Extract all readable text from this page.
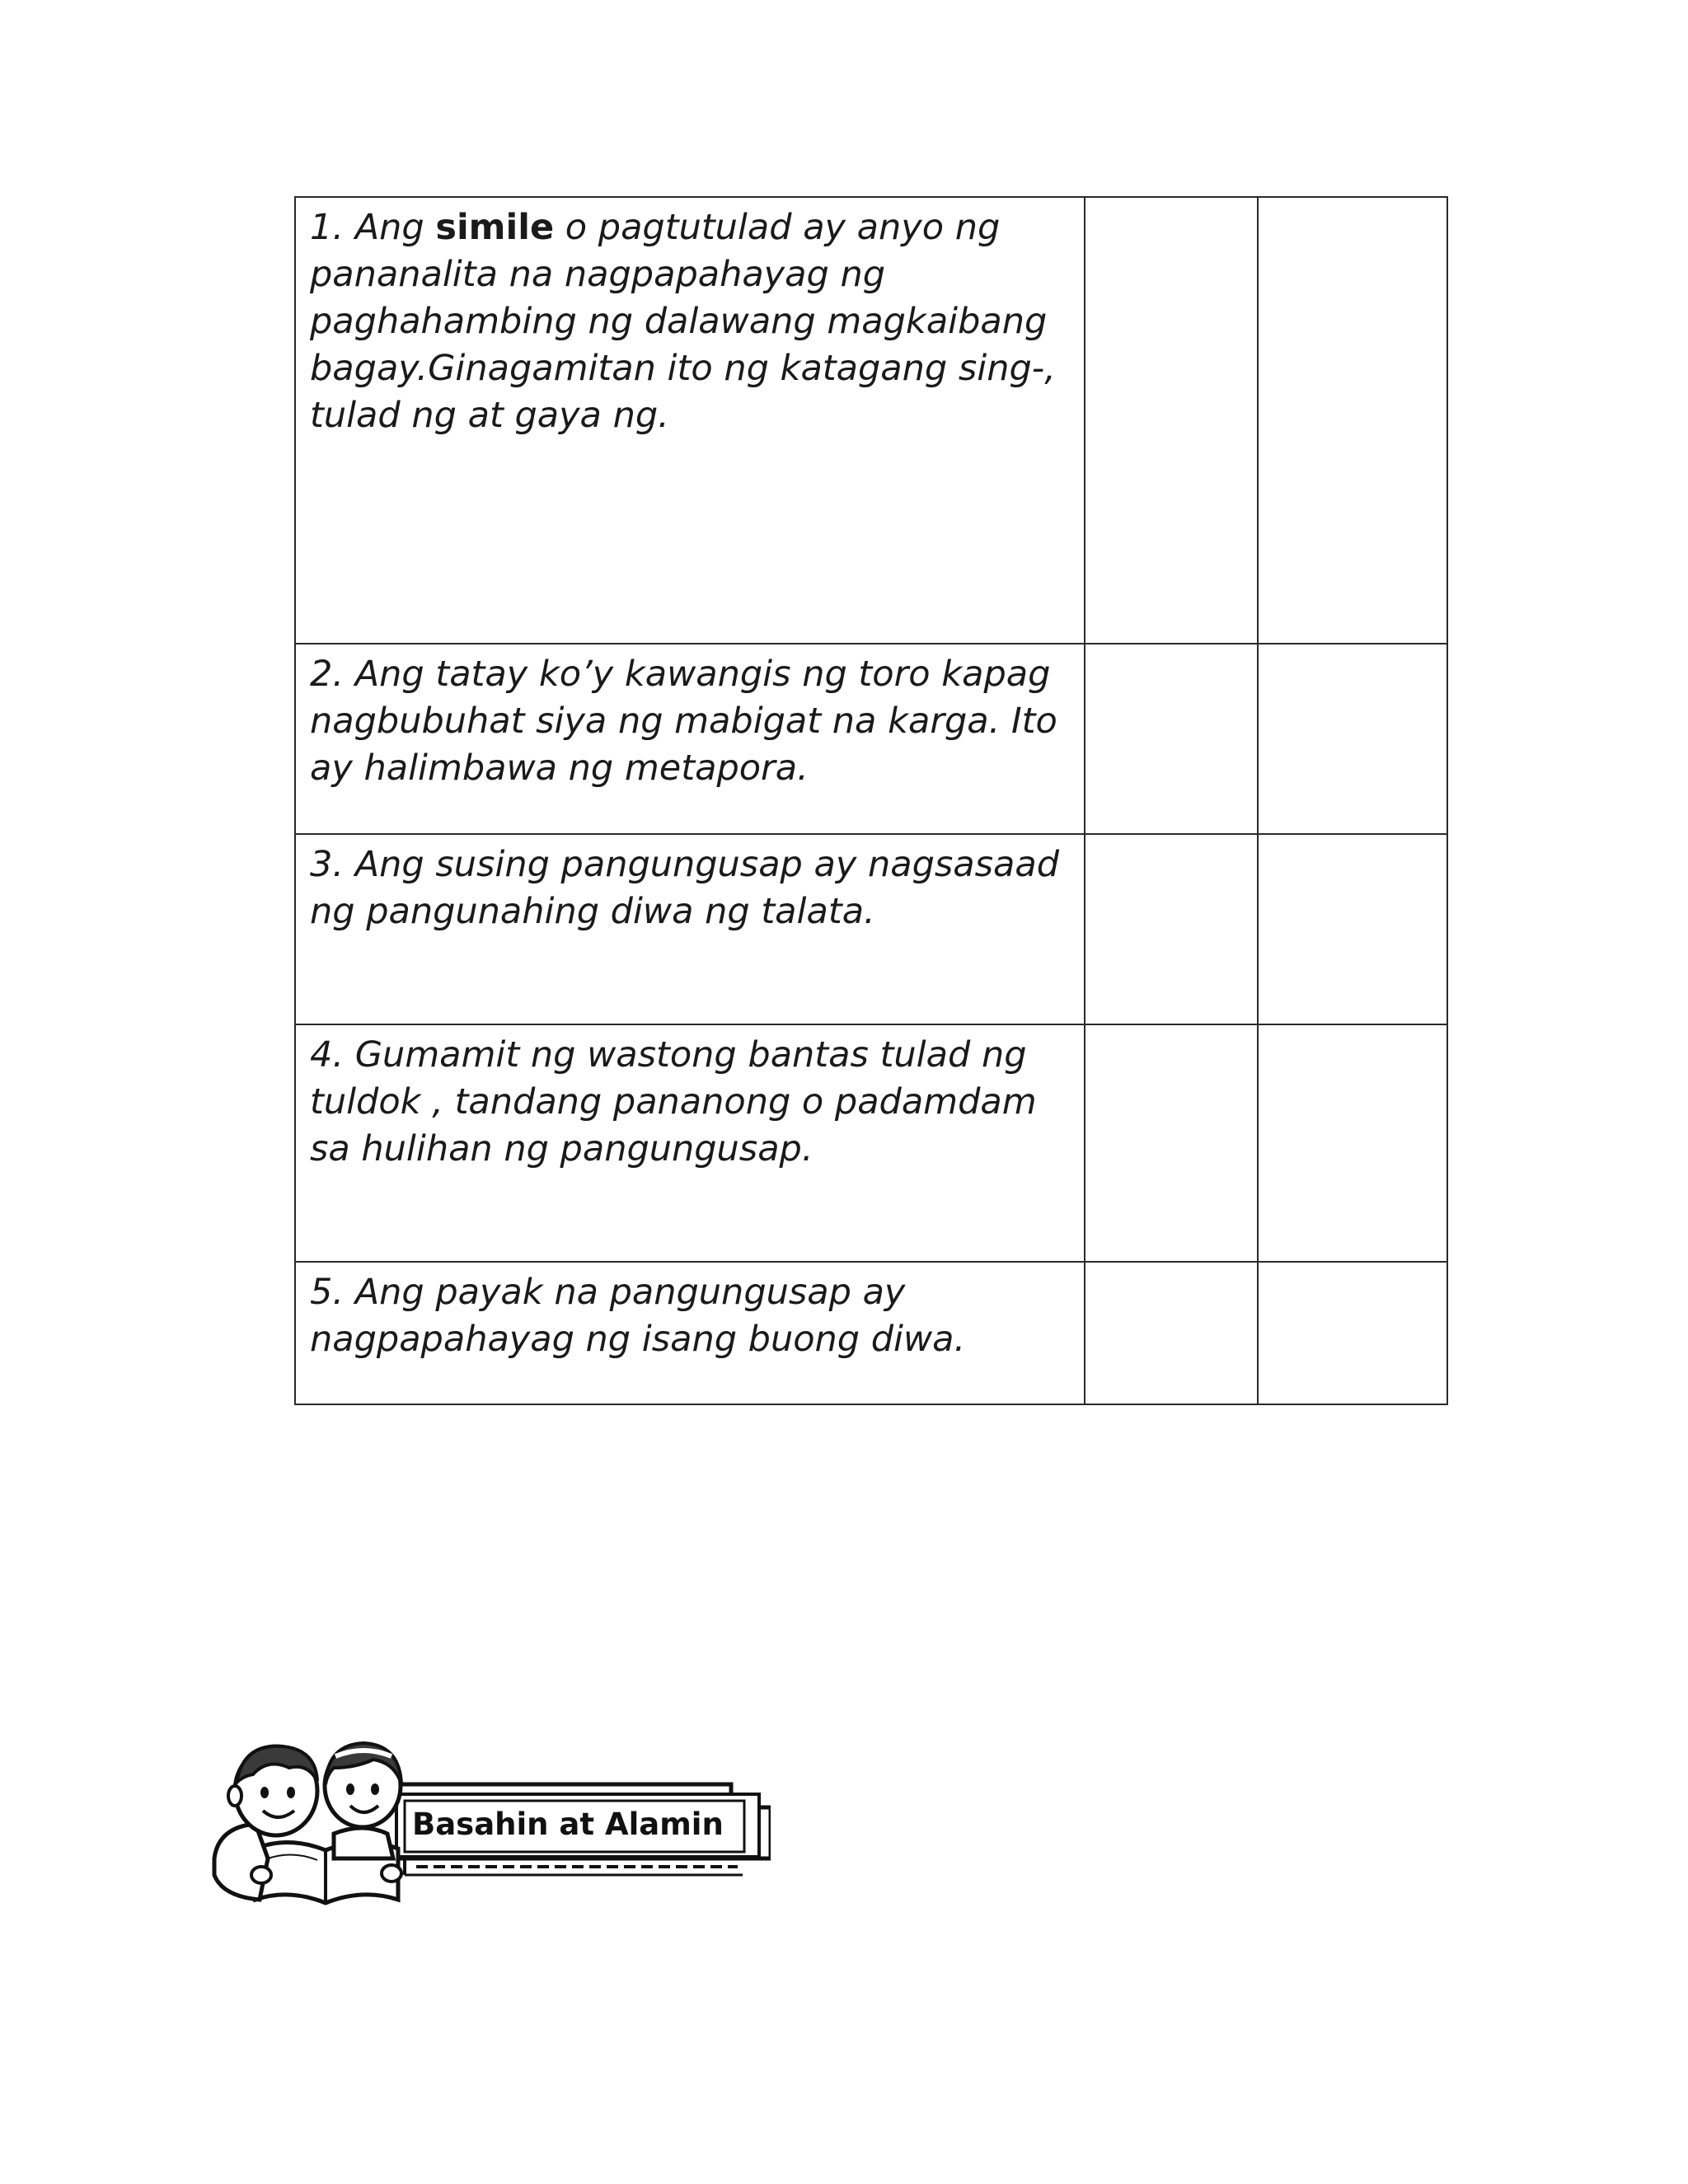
1. Ang simile o pagtutulad ay anyo ng pananalita na nagpapahayag ng paghahambing ng dalawang magkaibang bagay.Ginagamitan ito ng katagang sing-, tulad ng at gaya ng.		

2. Ang tatay ko’y kawangis ng toro kapag nagbubuhat siya ng mabigat na karga. Ito ay halimbawa ng metapora.		

3. Ang susing pangungusap ay nagsasaad ng pangunahing diwa ng talata.		

4. Gumamit ng wastong bantas tulad ng tuldok , tandang pananong o padamdam sa hulihan ng pangungusap.		

5. Ang payak na pangungusap ay nagpapahayag ng isang buong diwa.		

Basahin at Alamin
